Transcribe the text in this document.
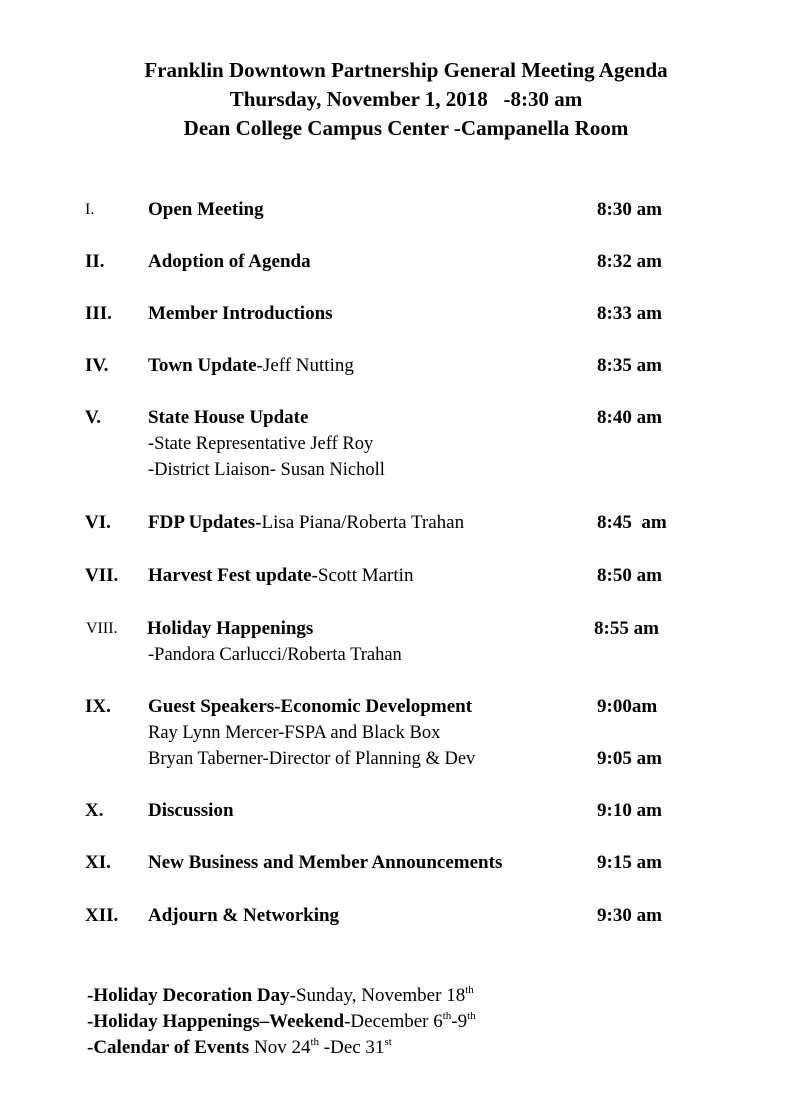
Franklin Downtown Partnership General Meeting Agenda
Thursday, November 1, 2018   -8:30 am
Dean College Campus Center -Campanella Room
I.	Open Meeting	8:30 am
II. Adoption of Agenda	8:32 am
III. Member Introductions	8:33 am
IV. Town Update-Jeff Nutting	8:35 am
V. State House Update	8:40 am
-State Representative Jeff Roy
-District Liaison- Susan Nicholl
VI. FDP Updates-Lisa Piana/Roberta Trahan	8:45  am
VII. Harvest Fest update-Scott Martin	8:50 am
VIII. Holiday Happenings	8:55 am
-Pandora Carlucci/Roberta Trahan
IX. Guest Speakers-Economic Development	9:00am
Ray Lynn Mercer-FSPA and Black Box
Bryan Taberner-Director of Planning & Dev	9:05 am
X. Discussion	9:10 am
XI. New Business and Member Announcements	9:15 am
XII. Adjourn & Networking	9:30 am
-Holiday Decoration Day-Sunday, November 18th
-Holiday Happenings–Weekend-December 6th-9th
-Calendar of Events Nov 24th -Dec 31st
